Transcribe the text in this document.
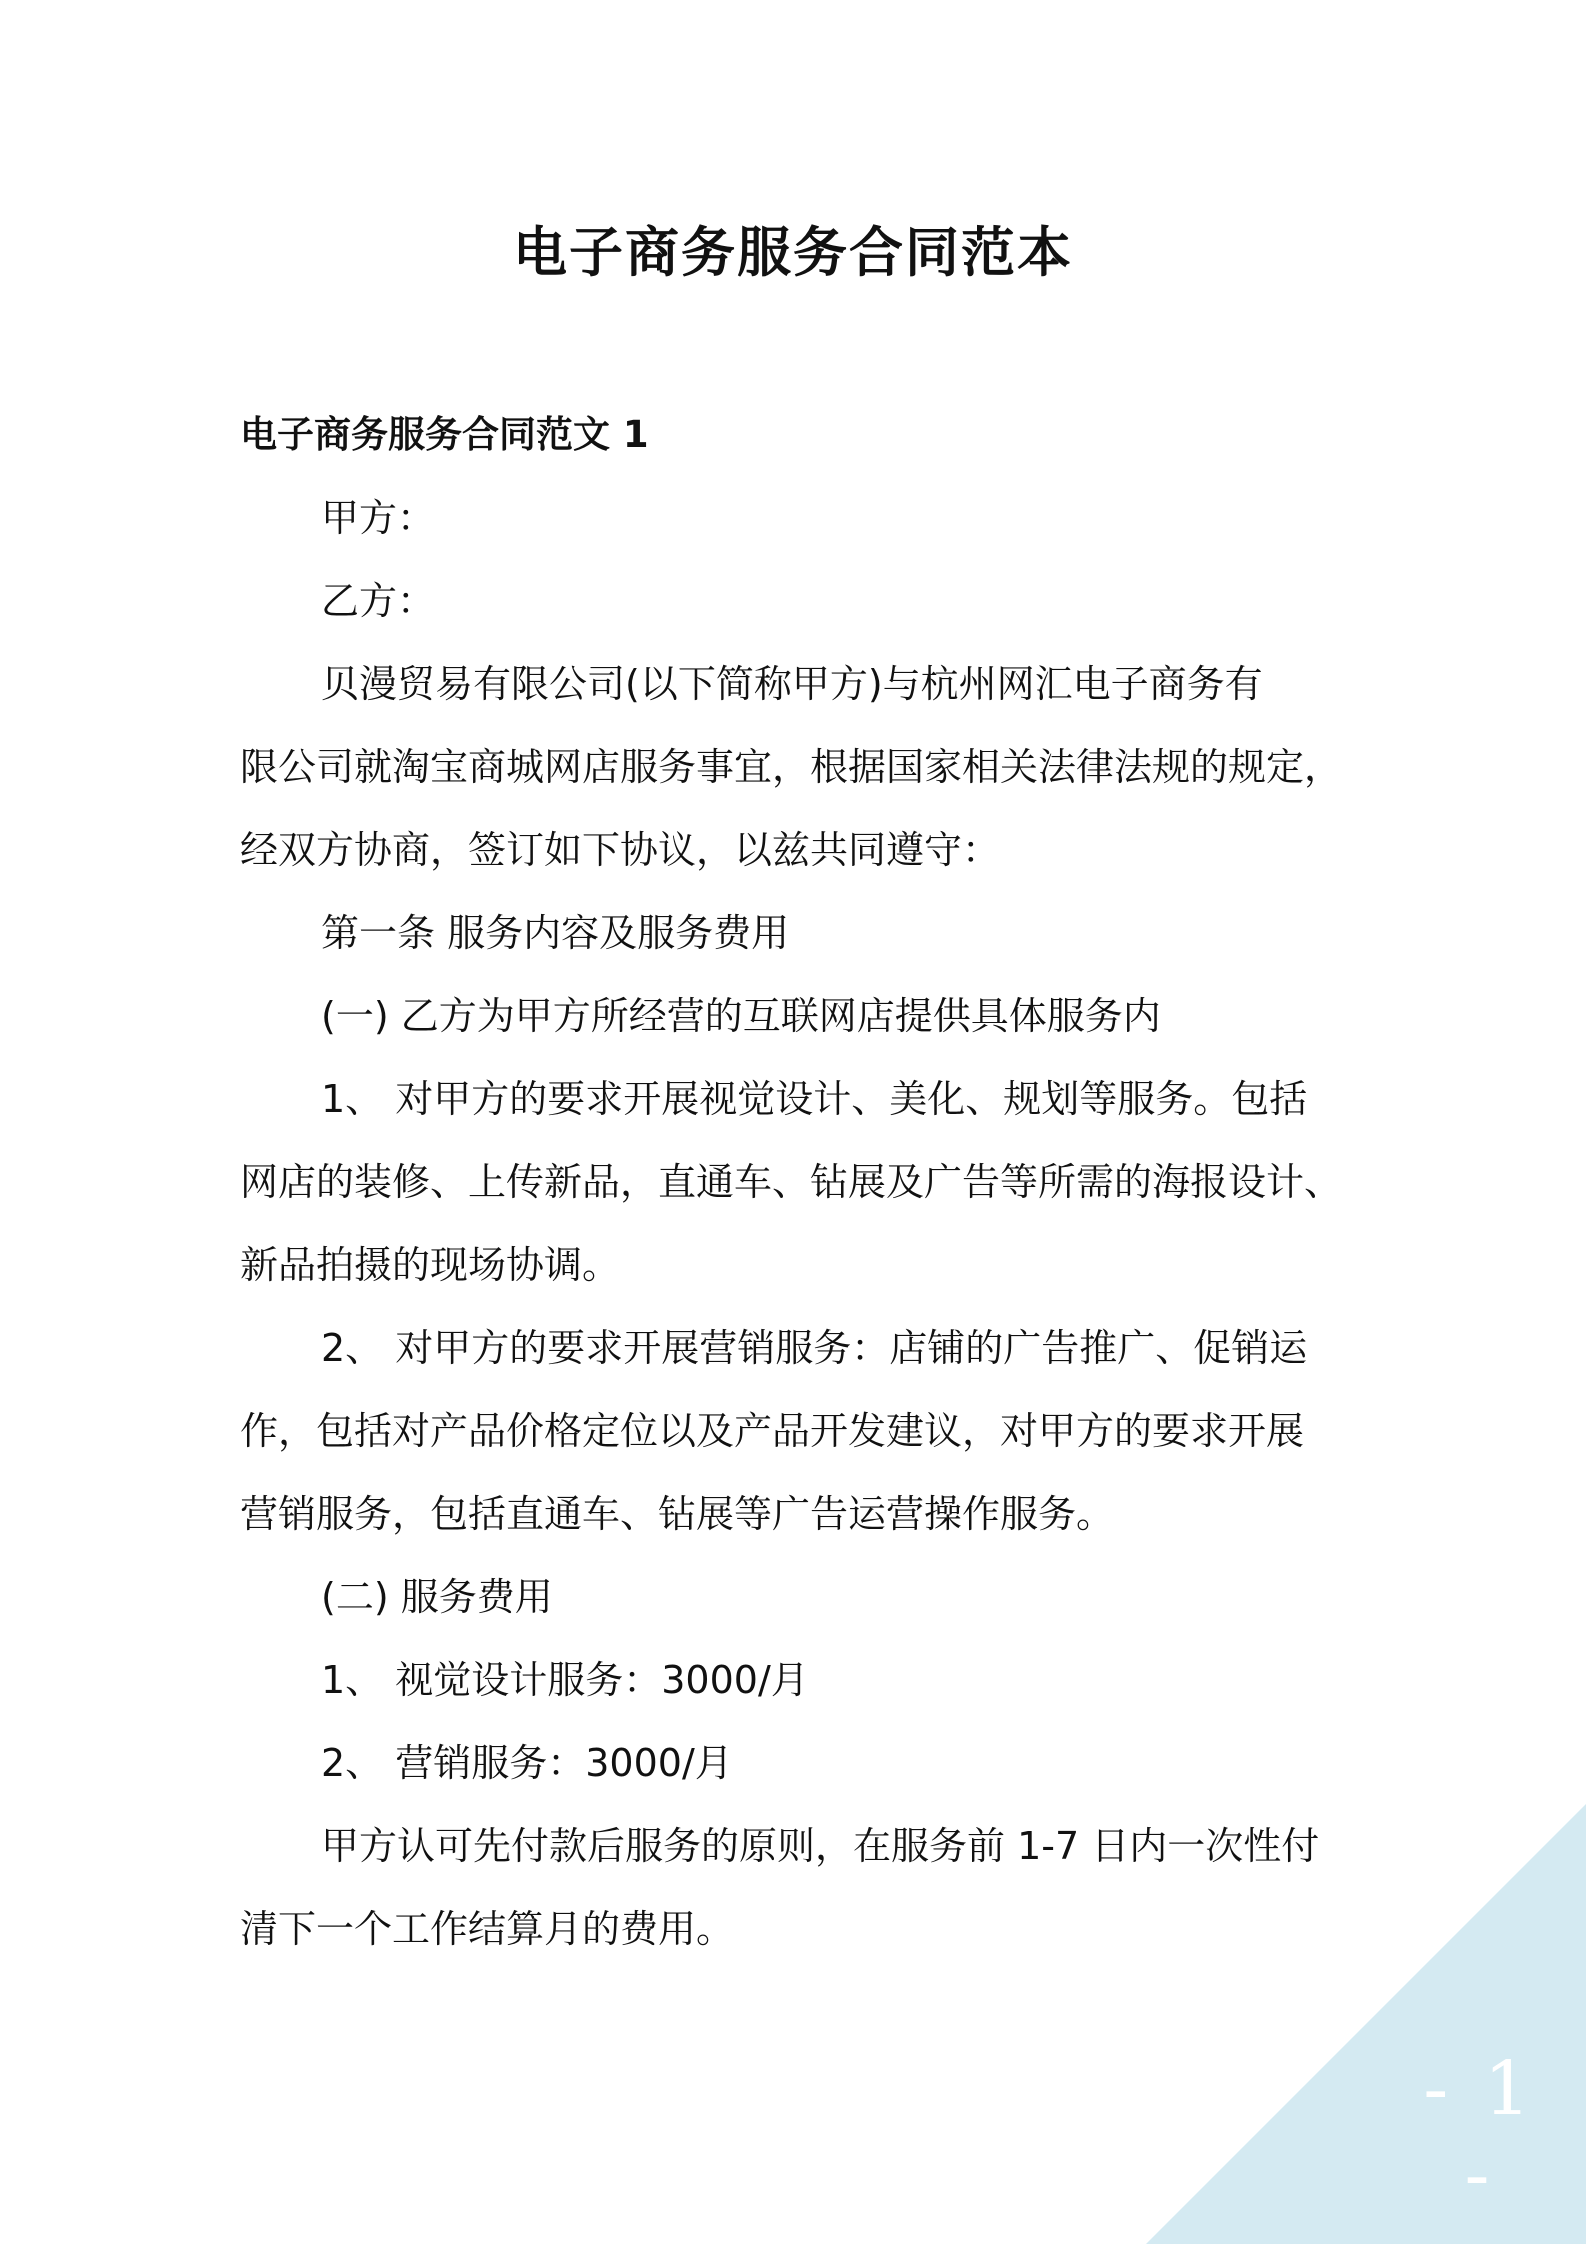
电子商务服务合同范本
电子商务服务合同范文 1
甲方：
乙方：
贝漫贸易有限公司(以下简称甲方)与杭州网汇电子商务有
限公司就淘宝商城网店服务事宜，根据国家相关法律法规的规定，
经双方协商，签订如下协议，以兹共同遵守：
第一条 服务内容及服务费用
(一) 乙方为甲方所经营的互联网店提供具体服务内
1、 对甲方的要求开展视觉设计、美化、规划等服务。包括
网店的装修、上传新品，直通车、钻展及广告等所需的海报设计、
新品拍摄的现场协调。
2、 对甲方的要求开展营销服务：店铺的广告推广、促销运
作，包括对产品价格定位以及产品开发建议，对甲方的要求开展
营销服务，包括直通车、钻展等广告运营操作服务。
(二) 服务费用
1、 视觉设计服务：3000/月
2、 营销服务：3000/月
甲方认可先付款后服务的原则，在服务前 1-7 日内一次性付
清下一个工作结算月的费用。
- 1 -
